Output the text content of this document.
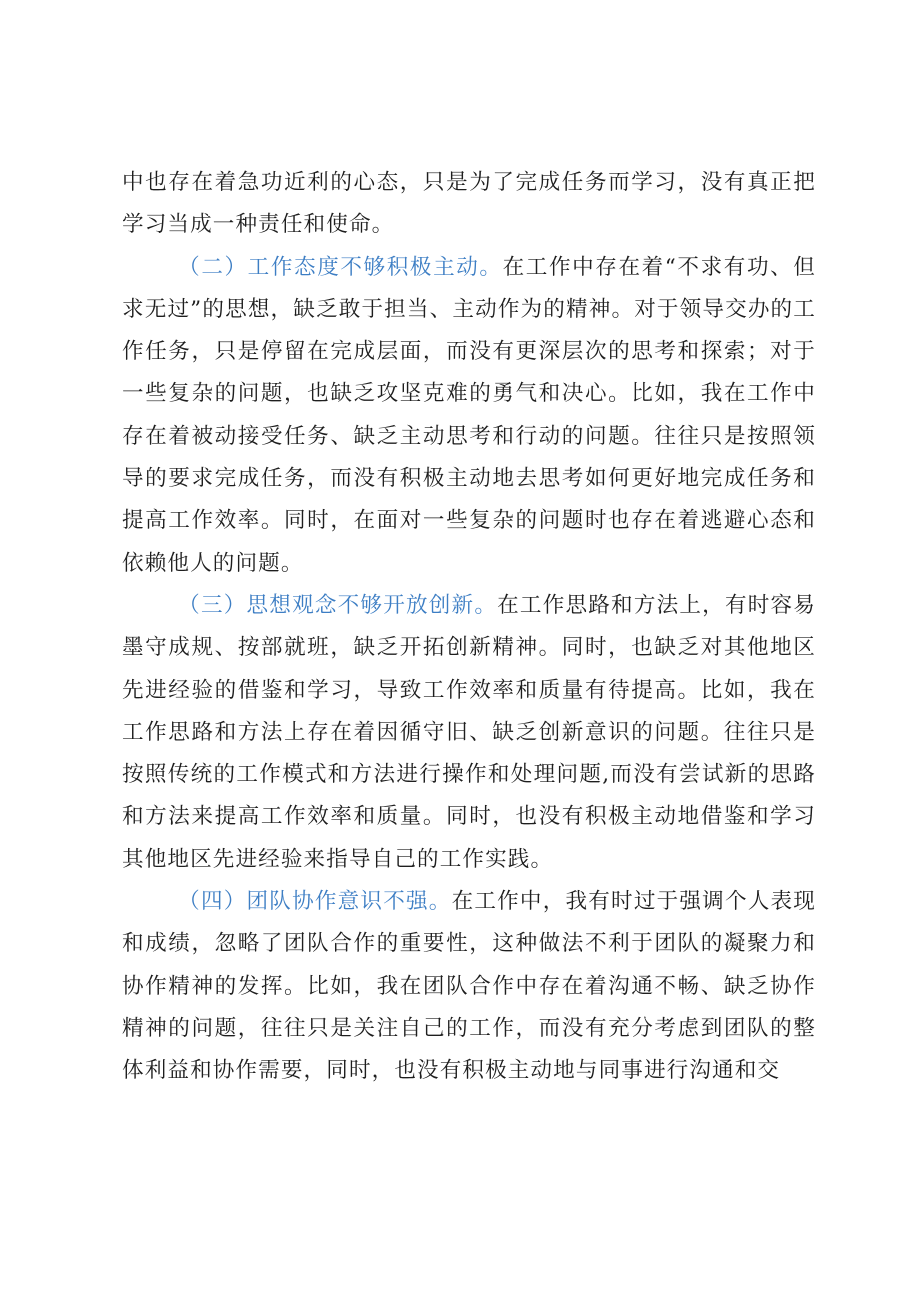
中也存在着急功近利的心态，只是为了完成任务而学习，没有真正把学习当成一种责任和使命。

（二）工作态度不够积极主动。在工作中存在着“不求有功、但求无过”的思想，缺乏敢于担当、主动作为的精神。对于领导交办的工作任务，只是停留在完成层面，而没有更深层次的思考和探索；对于一些复杂的问题，也缺乏攻坚克难的勇气和决心。比如，我在工作中存在着被动接受任务、缺乏主动思考和行动的问题。往往只是按照领导的要求完成任务，而没有积极主动地去思考如何更好地完成任务和提高工作效率。同时，在面对一些复杂的问题时也存在着逃避心态和依赖他人的问题。

（三）思想观念不够开放创新。在工作思路和方法上，有时容易墨守成规、按部就班，缺乏开拓创新精神。同时，也缺乏对其他地区先进经验的借鉴和学习，导致工作效率和质量有待提高。比如，我在工作思路和方法上存在着因循守旧、缺乏创新意识的问题。往往只是按照传统的工作模式和方法进行操作和处理问题,而没有尝试新的思路和方法来提高工作效率和质量。同时，也没有积极主动地借鉴和学习其他地区先进经验来指导自己的工作实践。

（四）团队协作意识不强。在工作中，我有时过于强调个人表现和成绩，忽略了团队合作的重要性，这种做法不利于团队的凝聚力和协作精神的发挥。比如，我在团队合作中存在着沟通不畅、缺乏协作精神的问题，往往只是关注自己的工作，而没有充分考虑到团队的整体利益和协作需要，同时，也没有积极主动地与同事进行沟通和交
